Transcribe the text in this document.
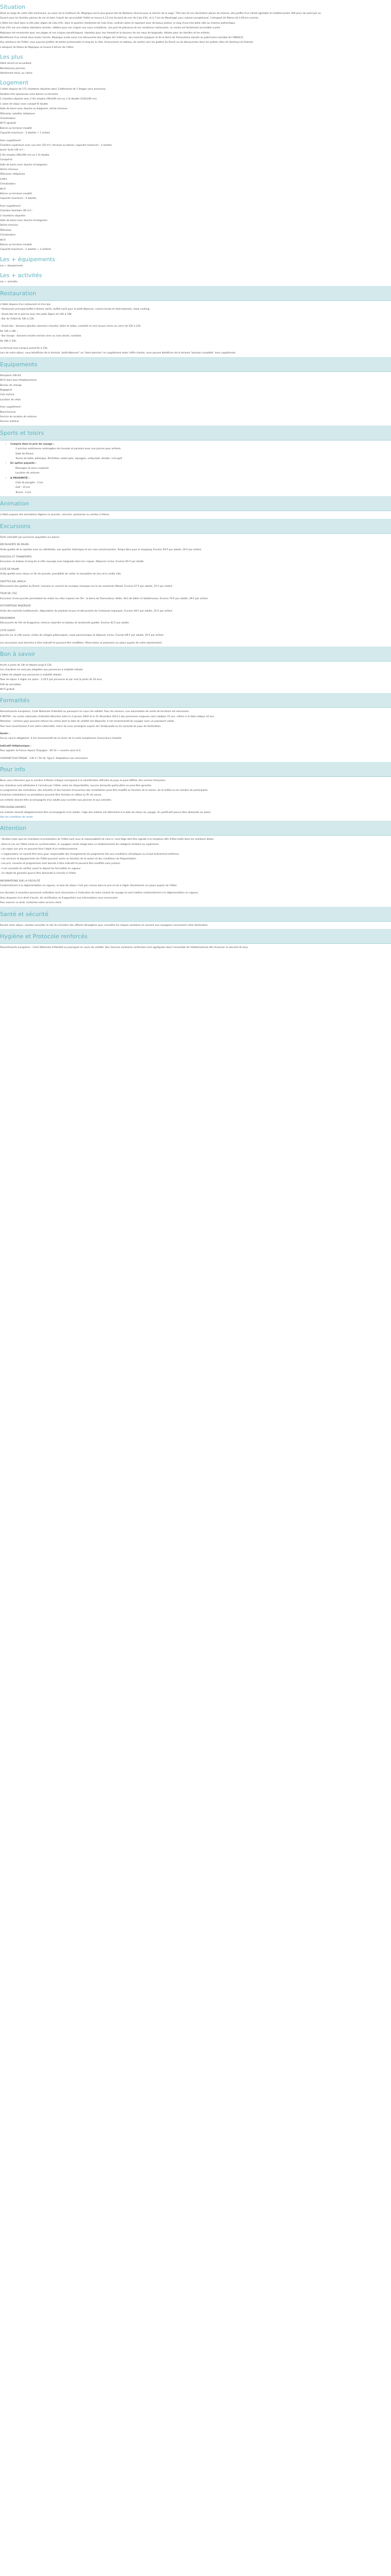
Situation
Situé au large de cette côte lumineuse, au coeur de la meilleure île, Majorque est le plus grand site de Baléares réservé pour le dernier de la saga ! Très loin de son illustration pleine de charme, elle profite d'un climat agréable et méditerranéen 300 jours de soleil par an.
Ouvert pour les familles pleines de vie et dans l'esprit de convivialité l'hôtel se trouve à 2,5 km du bord de mer de Cala d'Or, et à 7 km du Mondragó, parc naturel exceptionnel. L'aéroport de Palma est à 60 km environ.
L'Hôtel est situé dans la très jolie région de Cala d'Or, dans le quartier résidentiel de Cala Gran, endroit calme et reposant avec de beaux jardins, le long d'une très belle côte au charme authentique.
Cala d'Or est une station balnéaire animée, célèbre pour ses criques aux eaux cristallines, son port de plaisance et ses nombreux restaurants. Le centre est facilement accessible à pied.
Majorque est renommée pour ses plages et ses criques paradisiaques, réputées pour leur beauté et la douceur de ses eaux de baignade, idéales pour les familles et les enfants.
Bénéficiant d'un climat doux toute l'année, Majorque invite aussi à la découverte des villages de l'intérieur, des marchés typiques et de la Serra de Tramuntana classée au patrimoine mondial de l'UNESCO.
Aux alentours de l'hôtel, vous pourrez profiter de belles promenades le long de la côte, d'excursions en bateau, de sorties vers les grottes du Drach ou de découvertes dans les petites villes de Santanyí et Felanitx.
L'aéroport de Palma de Majorque se trouve à 60 km de l'hôtel.
Les plus
Hôtel récent et accueillant
Nombreuses piscines
Idéalement situé, au calme
Logement
L'hôtel dispose de 171 chambres réparties dans 3 bâtiments de 2 étages sans ascenseur.
Doubles très spacieuses avec balcon ou terrasse.
1 chambre séparée avec 2 lits simples (90x190 cm) ou 1 lit double (150x190 cm)
1 salon de séjour avec canapé-lit double
Salle de bains avec douche ou baignoire, sèche-cheveux
Télévision satellite, téléphone
Climatisation
Wi-Fi (gratuit)
Balcon ou terrasse meublé
Capacité maximum : 3 adultes + 1 enfant
Avec supplément :
Chambre supérieure avec vue mer (20 m²), terrasse ou balcon, capacité maximum : 3 adultes.
Junior Suite (40 m²) :
2 lits simples (90x190 cm) ou 1 lit double
Canapé-lit
Salle de bains avec douche et baignoire
Sèche-cheveux
Télévision, téléphone
Coffre
Climatisation
Wi-Fi
Balcon ou terrasse meublé
Capacité maximum : 4 adultes
Avec supplément :
Chambre familiale (36 m²) :
2 chambres séparées
Salle de bains avec douche et baignoire
Sèche-cheveux
Télévision
Climatisation
Wi-Fi
Balcon ou terrasse meublé
Capacité maximum : 2 adultes + 2 enfants
Les + équipements
Les + équipements
Les + activités
Les + activités
Restauration
L'hôtel dispose d'un restaurant et d'un bar.
- Restaurant principal buffet à thème variés, buffet varié pour le petit-déjeuner, cuisine locale et internationale, show cooking.
- Snack-bar de la piscine avec des plats légers de 10h à 18h.
- Bar de l'hôtel de 10h à 23h.
- Snack-bar : boissons glacées, boissons chaudes, bière et sodas, cocktails et vins locaux servis au verre de 10h à 23h.
De 10h à 18h :
- Bar lounge : boissons locales servies avec ou sans alcool, cocktails.
De 18h à 23h.
La formule tout compris prend fin à 23h.
Lors de votre séjour, vous bénéficiez de la formule "petit-déjeuner" ou "demi-pension" en supplément selon l'offre choisie, vous pouvez bénéficier de la formule "pension complète" avec supplément.
Equipements
Réception 24h/24
Wi-Fi dans tout l'établissement
Bureau de change
Bagagerie
Coin lecture
Location de vélos
Avec supplément :
Blanchisserie
Service de location de voitures
Service médical
Sports et loisirs
• Compris dans le prix du voyage :
2 piscines extérieures aménagées de transats et parasols avec une piscine pour enfants
Salle de fitness
Tennis de table, pétanque, fléchettes, water-polo, aquagym, volley-ball, aérobic, mini-golf
• En option payante :
Massages et soins corporels
Location de voitures
• A PROXIMITÉ :
Club de plongée : 2 km
Golf : 15 km
Tennis : 2 km
Animation
L'hôtel propose des animations légères en journée, concerts, spectacles ou soirées à thème.
Excursions
Tarifs indicatifs par personne (payables sur place) :
DÉCOUVERTE DE PALMA
Visite guidée de la capitale avec sa cathédrale, son quartier historique et ses rues commerçantes. Temps libre pour le shopping. Environ 59 € par adulte, 29 € par enfant.
FAISCEAU ET TRANSPORTS
Excursion en bateau le long de la côte sauvage avec baignade dans les criques. Déjeuner inclus. Environ 65 € par adulte.
COTE DE PALMA
Visite guidée avec retour en fin de journée, possibilité de visiter le monastère de Lluc et la vieille ville.
GROTTES DEL DRACH
Découverte des grottes du Drach, incluant un concert de musique classique sur le lac souterrain Martel. Environ 47 € par adulte, 25 € par enfant.
TOUR DE L'ÎLE
Excursion d'une journée permettant de visiter les sites majeurs de l'île : la Serra de Tramuntana, Sóller, Port de Sóller et Valldemossa. Environ 79 € par adulte, 39 € par enfant.
AUTHENTIQUE MAJORQUE
Visite des marchés traditionnels, dégustation de produits locaux et découverte de l'artisanat majorquin. Environ 49 € par adulte, 25 € par enfant.
DRAGONERA
Découverte de l'île de Dragonera, réserve naturelle en bateau et randonnée guidée. Environ 62 € par adulte.
COTE OUEST
Journée sur la côte ouest, visites de villages pittoresques, route panoramique et déjeuner inclus. Environ 69 € par adulte, 35 € par enfant.
Les excursions sont données à titre indicatif et peuvent être modifiées. Réservation et paiement sur place auprès de notre représentant.
Bon à savoir
Accès à partir de 14h et départ jusqu'à 12h.
Les chambres ne sont pas adaptées aux personnes à mobilité réduite.
L'hôtel est adapté aux personnes à mobilité réduite.
Taxe de séjour à régler sur place : 2,20 € par personne et par nuit (à partir de 16 ans).
Prêt de serviettes.
Wi-Fi gratuit.
Formalités
Ressortissants européens, Carte Nationale d'Identité ou passeport en cours de validité. Pour les mineurs, une autorisation de sortie de territoire est nécessaire.
À NOTER : les cartes nationales d'identité délivrées entre le 2 janvier 2004 et le 31 décembre 2013 à des personnes majeures sont valables 15 ans, même si la date indique 10 ans.
Attention : certains pays peuvent refuser les cartes dont la date de validité est dépassée. Il est recommandé de voyager avec un passeport valide.
Pour tout ressortissant d'une autre nationalité, merci de vous renseigner auprès de l'ambassade ou du consulat du pays de destination.
Santé :
Aucun vaccin obligatoire. Il est recommandé de se munir de la carte européenne d'assurance maladie.
Indicatif téléphonique :
Pour appeler la France depuis l'Espagne : 00 33 + numéro sans le 0.
COURANT ÉLECTRIQUE : 230 V / 50 Hz. Type F. Adaptateur non nécessaire.
Pour info
Nous vous informons que le nombre d'étoiles indiqué correspond à la classification officielle du pays et peut différer des normes françaises.
Les chambres sont attribuées à l'arrivée par l'hôtel, selon les disponibilités, aucune demande particulière ne peut être garantie.
Le programme des animations, des activités et des horaires d'ouverture des installations peut être modifié en fonction de la saison, de la météo ou du nombre de participants.
Certaines installations ou prestations peuvent être fermées en début ou fin de saison.
Les enfants doivent être accompagnés d'un adulte pour accéder aux piscines et aux activités.
PRÉCISIONS ENFANTS
Les enfants doivent obligatoirement être accompagnés d'un adulte. L'âge des enfants est déterminé à la date de retour du voyage. Un justificatif pourra être demandé sur place.
Voir les conditions de vente
Attention
- Veuillez noter que les chambres et prestations de l'hôtel sont sous la responsabilité de celui-ci, tout litige doit être signalé à la réception afin d'être traité dans les meilleurs délais.
- Dans le cas où l'hôtel serait en surréservation, le voyageur serait relogé dans un établissement de catégorie similaire ou supérieure.
- Les repas non pris ne peuvent faire l'objet d'un remboursement.
- L'organisateur ne saurait être tenu pour responsable des changements de programme liés aux conditions climatiques ou à tout événement extérieur.
- Les services et équipements de l'hôtel peuvent varier en fonction de la saison et des conditions de fréquentation.
- Les prix, horaires et programmes sont donnés à titre indicatif et peuvent être modifiés sans préavis.
- Il est conseillé de vérifier avant le départ les formalités en vigueur.
- Un dépôt de garantie pourra être demandé à l'arrivée à l'hôtel.
INFORMATIONS SUR LA FISCALITÉ
Conformément à la réglementation en vigueur, la taxe de séjour n'est pas incluse dans le prix et est à régler directement sur place auprès de l'hôtel.
Les données à caractère personnel collectées sont nécessaires à l'exécution de votre contrat de voyage et sont traitées conformément à la réglementation en vigueur.
Vous disposez d'un droit d'accès, de rectification et d'opposition aux informations vous concernant.
Pour exercer ce droit, contactez notre service client.
Santé et sécurité
Durant votre séjour, veuillez consulter le site du ministère des affaires étrangères pour connaître les risques sanitaires et conseils aux voyageurs concernant votre destination.
Hygiène et Protocole renforcés
Ressortissants européens : Carte Nationale d'Identité ou passeport en cours de validité. Des mesures sanitaires renforcées sont appliquées dans l'ensemble de l'établissement afin d'assurer la sécurité de tous.
